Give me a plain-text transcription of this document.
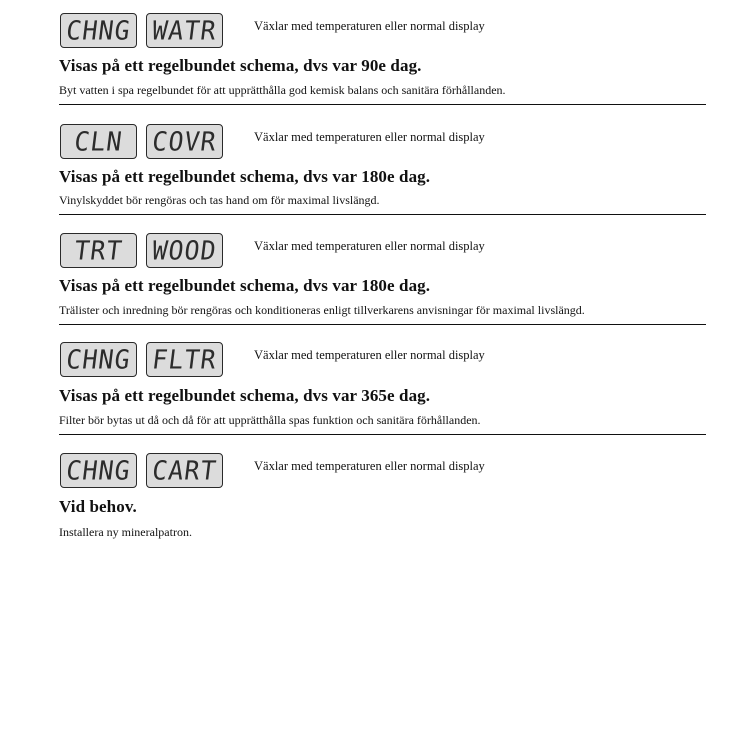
CHNG WATR	Växlar med temperaturen eller normal display
Visas på ett regelbundet schema, dvs var 90e dag.
Byt vatten i spa regelbundet för att upprätthålla god kemisk balans och sanitära förhållanden.
CLN	COVR	Växlar med temperaturen eller normal display
Visas på ett regelbundet schema, dvs var 180e dag.
Vinylskyddet bör rengöras och tas hand om för maximal livslängd.
TRT	WOOD	Växlar med temperaturen eller normal display
Visas på ett regelbundet schema, dvs var 180e dag.
Trälister och inredning bör rengöras och konditioneras enligt tillverkarens anvisningar för maximal livslängd.
CHNG FLTR	Växlar med temperaturen eller normal display
Visas på ett regelbundet schema, dvs var 365e dag.
Filter bör bytas ut då och då för att upprätthålla spas funktion och sanitära förhållanden.
CHNG CART	Växlar med temperaturen eller normal display
Vid behov.
Installera ny mineralpatron.
